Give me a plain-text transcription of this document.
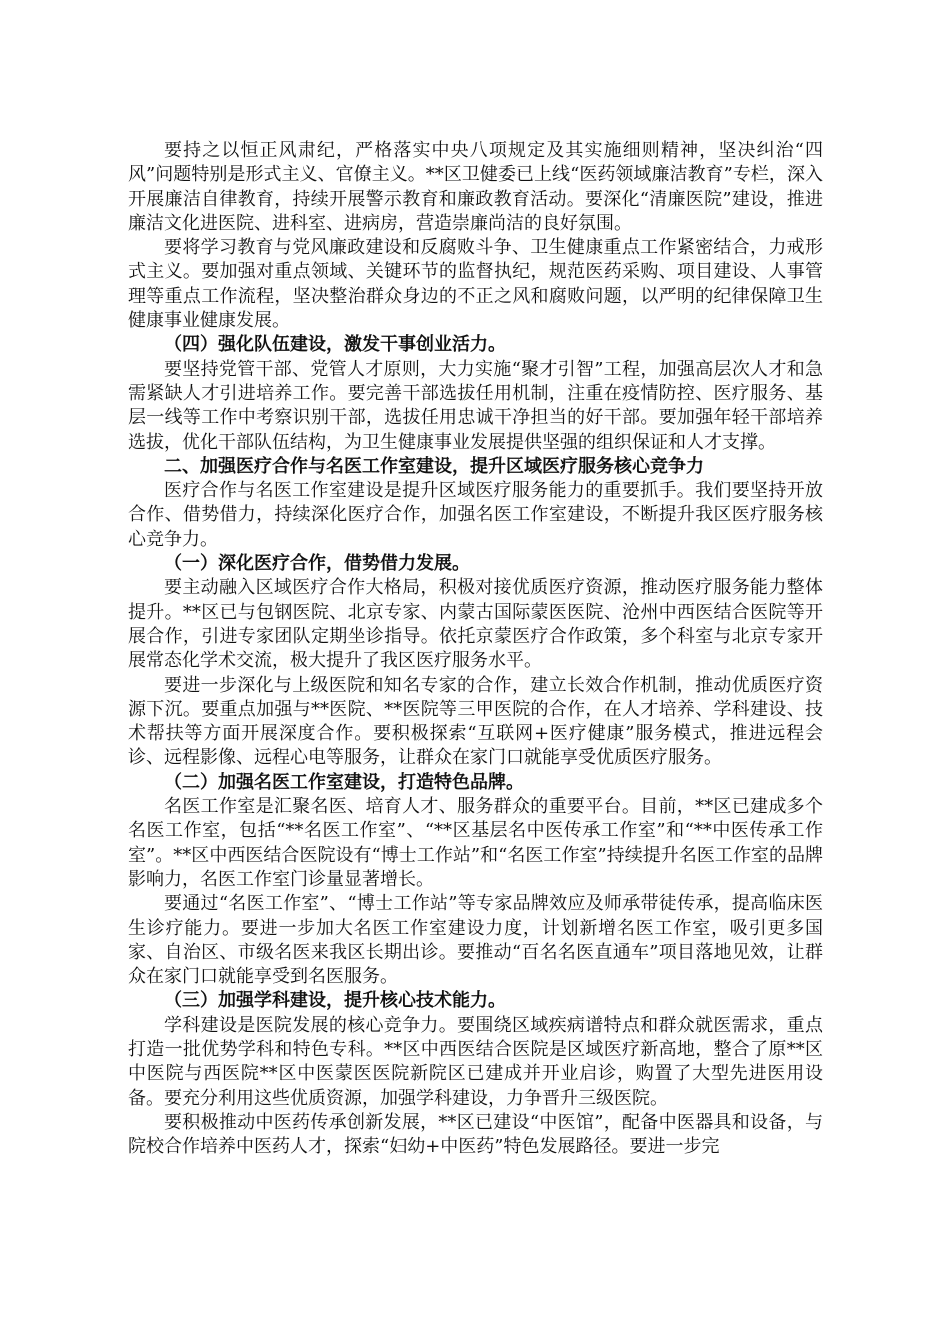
要持之以恒正风肃纪，严格落实中央八项规定及其实施细则精神，坚决纠治“四风”问题特别是形式主义、官僚主义。**区卫健委已上线“医药领域廉洁教育”专栏，深入开展廉洁自律教育，持续开展警示教育和廉政教育活动。要深化“清廉医院”建设，推进廉洁文化进医院、进科室、进病房，营造崇廉尚洁的良好氛围。

要将学习教育与党风廉政建设和反腐败斗争、卫生健康重点工作紧密结合，力戒形式主义。要加强对重点领域、关键环节的监督执纪，规范医药采购、项目建设、人事管理等重点工作流程，坚决整治群众身边的不正之风和腐败问题，以严明的纪律保障卫生健康事业健康发展。

（四）强化队伍建设，激发干事创业活力。

要坚持党管干部、党管人才原则，大力实施“聚才引智”工程，加强高层次人才和急需紧缺人才引进培养工作。要完善干部选拔任用机制，注重在疫情防控、医疗服务、基层一线等工作中考察识别干部，选拔任用忠诚干净担当的好干部。要加强年轻干部培养选拔，优化干部队伍结构，为卫生健康事业发展提供坚强的组织保证和人才支撑。

二、加强医疗合作与名医工作室建设，提升区域医疗服务核心竞争力

医疗合作与名医工作室建设是提升区域医疗服务能力的重要抓手。我们要坚持开放合作、借势借力，持续深化医疗合作，加强名医工作室建设，不断提升我区医疗服务核心竞争力。

（一）深化医疗合作，借势借力发展。

要主动融入区域医疗合作大格局，积极对接优质医疗资源，推动医疗服务能力整体提升。**区已与包钢医院、北京专家、内蒙古国际蒙医医院、沧州中西医结合医院等开展合作，引进专家团队定期坐诊指导。依托京蒙医疗合作政策，多个科室与北京专家开展常态化学术交流，极大提升了我区医疗服务水平。

要进一步深化与上级医院和知名专家的合作，建立长效合作机制，推动优质医疗资源下沉。要重点加强与**医院、**医院等三甲医院的合作，在人才培养、学科建设、技术帮扶等方面开展深度合作。要积极探索“互联网+医疗健康”服务模式，推进远程会诊、远程影像、远程心电等服务，让群众在家门口就能享受优质医疗服务。

（二）加强名医工作室建设，打造特色品牌。

名医工作室是汇聚名医、培育人才、服务群众的重要平台。目前，**区已建成多个名医工作室，包括“**名医工作室”、“**区基层名中医传承工作室”和“**中医传承工作室”。**区中西医结合医院设有“博士工作站”和“名医工作室”持续提升名医工作室的品牌影响力，名医工作室门诊量显著增长。

要通过“名医工作室”、“博士工作站”等专家品牌效应及师承带徒传承，提高临床医生诊疗能力。要进一步加大名医工作室建设力度，计划新增名医工作室，吸引更多国家、自治区、市级名医来我区长期出诊。要推动“百名名医直通车”项目落地见效，让群众在家门口就能享受到名医服务。

（三）加强学科建设，提升核心技术能力。

学科建设是医院发展的核心竞争力。要围绕区域疾病谱特点和群众就医需求，重点打造一批优势学科和特色专科。**区中西医结合医院是区域医疗新高地，整合了原**区中医院与西医院**区中医蒙医医院新院区已建成并开业启诊，购置了大型先进医用设备。要充分利用这些优质资源，加强学科建设，力争晋升三级医院。

要积极推动中医药传承创新发展，**区已建设“中医馆”，配备中医器具和设备，与院校合作培养中医药人才，探索“妇幼+中医药”特色发展路径。要进一步完
